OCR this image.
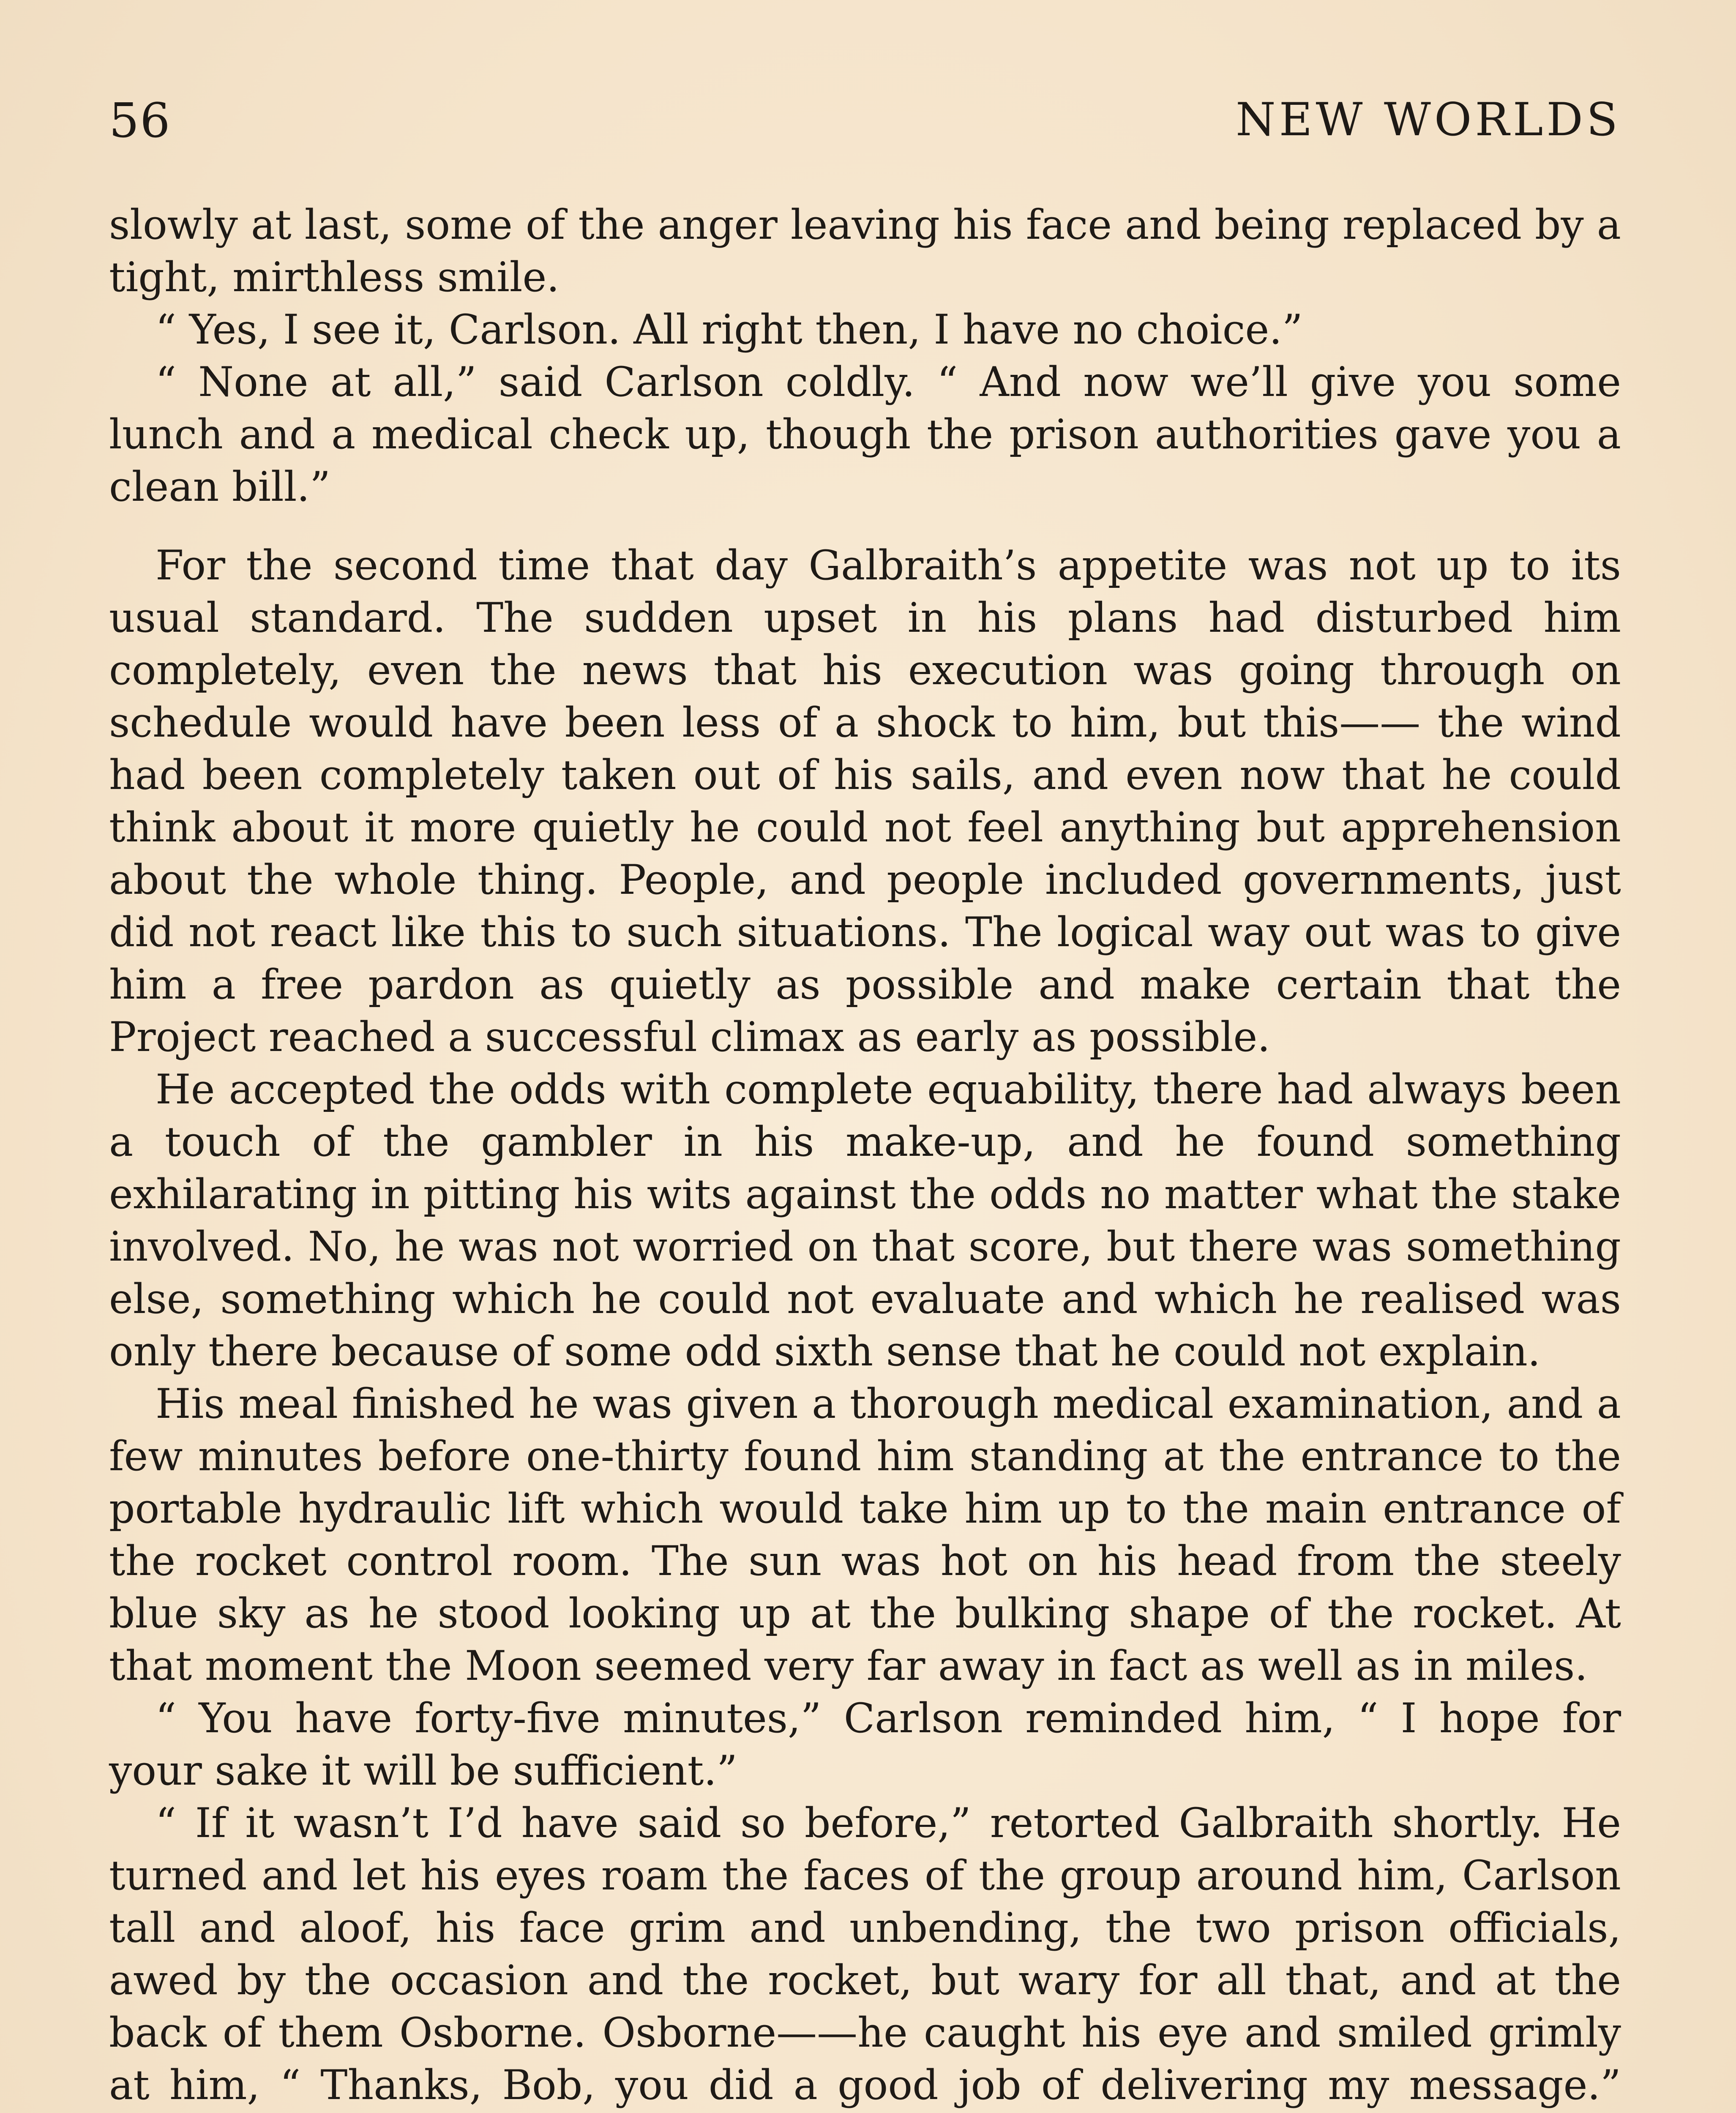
56	NEW WORLDS

slowly at last, some of the anger leaving his face and being replaced by a tight, mirthless smile.

“ Yes, I see it, Carlson. All right then, I have no choice.”

“ None at all,” said Carlson coldly. “ And now we’ll give you some lunch and a medical check up, though the prison authorities gave you a clean bill.”

For the second time that day Galbraith’s appetite was not up to its usual standard. The sudden upset in his plans had disturbed him completely, even the news that his execution was going through on schedule would have been less of a shock to him, but this—— the wind had been completely taken out of his sails, and even now that he could think about it more quietly he could not feel anything but apprehension about the whole thing. People, and people included governments, just did not react like this to such situations. The logical way out was to give him a free pardon as quietly as possible and make certain that the Project reached a successful climax as early as possible.

He accepted the odds with complete equability, there had always been a touch of the gambler in his make-up, and he found something exhilarating in pitting his wits against the odds no matter what the stake involved. No, he was not worried on that score, but there was something else, something which he could not evaluate and which he realised was only there because of some odd sixth sense that he could not explain.

His meal finished he was given a thorough medical examination, and a few minutes before one-thirty found him standing at the entrance to the portable hydraulic lift which would take him up to the main entrance of the rocket control room. The sun was hot on his head from the steely blue sky as he stood looking up at the bulking shape of the rocket. At that moment the Moon seemed very far away in fact as well as in miles.

“ You have forty-five minutes,” Carlson reminded him, “ I hope for your sake it will be sufficient.”

“ If it wasn’t I’d have said so before,” retorted Galbraith shortly. He turned and let his eyes roam the faces of the group around him, Carlson tall and aloof, his face grim and unbending, the two prison officials, awed by the occasion and the rocket, but wary for all that, and at the back of them Osborne. Osborne——he caught his eye and smiled grimly at him, “ Thanks, Bob, you did a good job of delivering my message.”
